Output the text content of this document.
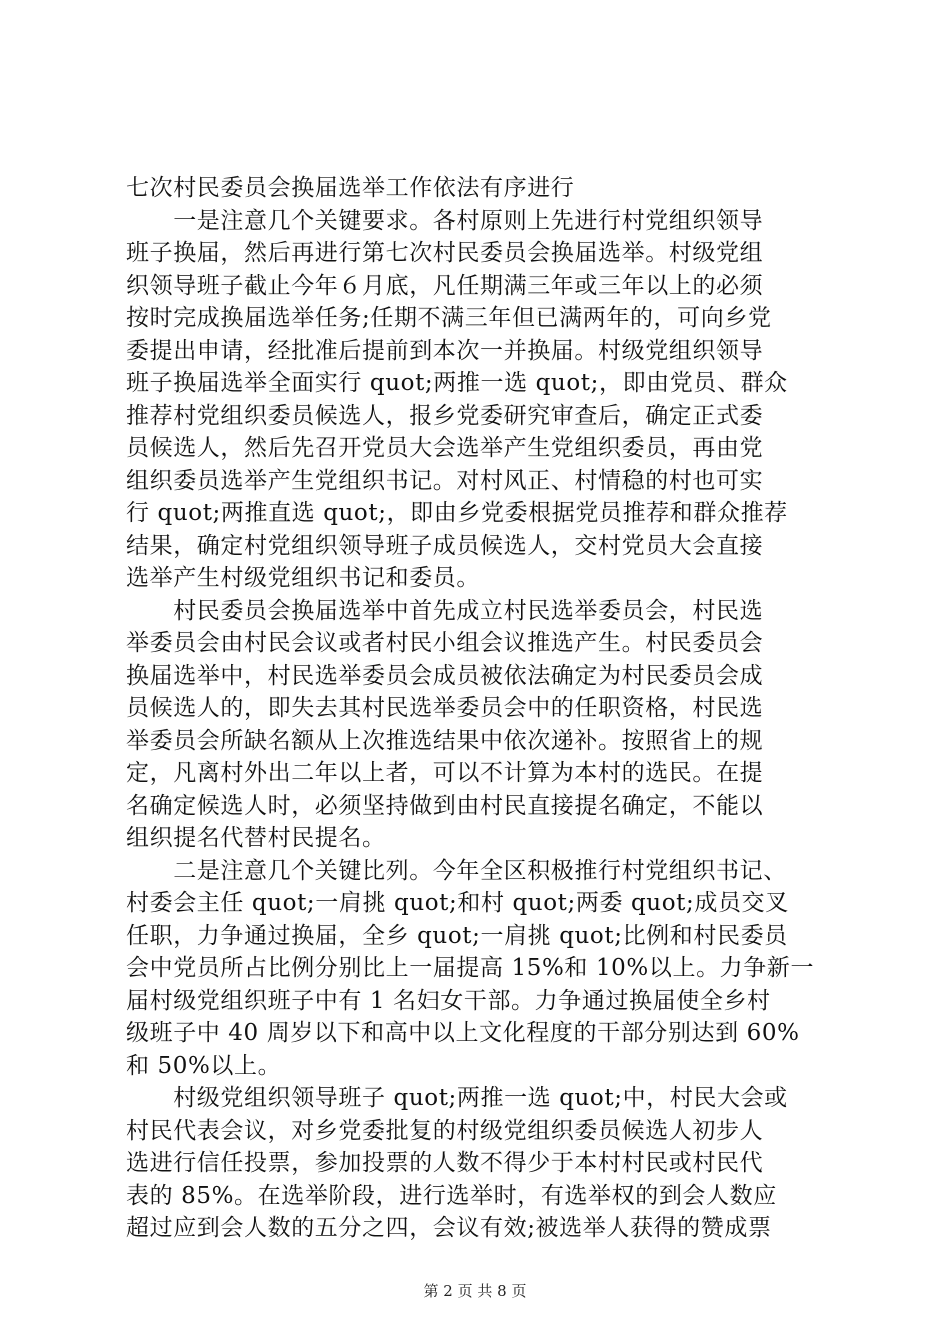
七次村民委员会换届选举工作依法有序进行
　　一是注意几个关键要求。各村原则上先进行村党组织领导
班子换届，然后再进行第七次村民委员会换届选举。村级党组
织领导班子截止今年６月底，凡任期满三年或三年以上的必须
按时完成换届选举任务;任期不满三年但已满两年的，可向乡党
委提出申请，经批准后提前到本次一并换届。村级党组织领导
班子换届选举全面实行 quot;两推一选 quot;，即由党员、群众
推荐村党组织委员候选人，报乡党委研究审查后，确定正式委
员候选人，然后先召开党员大会选举产生党组织委员，再由党
组织委员选举产生党组织书记。对村风正、村情稳的村也可实
行 quot;两推直选 quot;，即由乡党委根据党员推荐和群众推荐
结果，确定村党组织领导班子成员候选人，交村党员大会直接
选举产生村级党组织书记和委员。
　　村民委员会换届选举中首先成立村民选举委员会，村民选
举委员会由村民会议或者村民小组会议推选产生。村民委员会
换届选举中，村民选举委员会成员被依法确定为村民委员会成
员候选人的，即失去其村民选举委员会中的任职资格，村民选
举委员会所缺名额从上次推选结果中依次递补。按照省上的规
定，凡离村外出二年以上者，可以不计算为本村的选民。在提
名确定候选人时，必须坚持做到由村民直接提名确定，不能以
组织提名代替村民提名。
　　二是注意几个关键比列。今年全区积极推行村党组织书记、
村委会主任 quot;一肩挑 quot;和村 quot;两委 quot;成员交叉
任职，力争通过换届，全乡 quot;一肩挑 quot;比例和村民委员
会中党员所占比例分别比上一届提高 15%和 10%以上。力争新一
届村级党组织班子中有 1 名妇女干部。力争通过换届使全乡村
级班子中 40 周岁以下和高中以上文化程度的干部分别达到 60%
和 50%以上。
　　村级党组织领导班子 quot;两推一选 quot;中，村民大会或
村民代表会议，对乡党委批复的村级党组织委员候选人初步人
选进行信任投票，参加投票的人数不得少于本村村民或村民代
表的 85%。在选举阶段，进行选举时，有选举权的到会人数应
超过应到会人数的五分之四，会议有效;被选举人获得的赞成票
第 2 页 共 8 页
